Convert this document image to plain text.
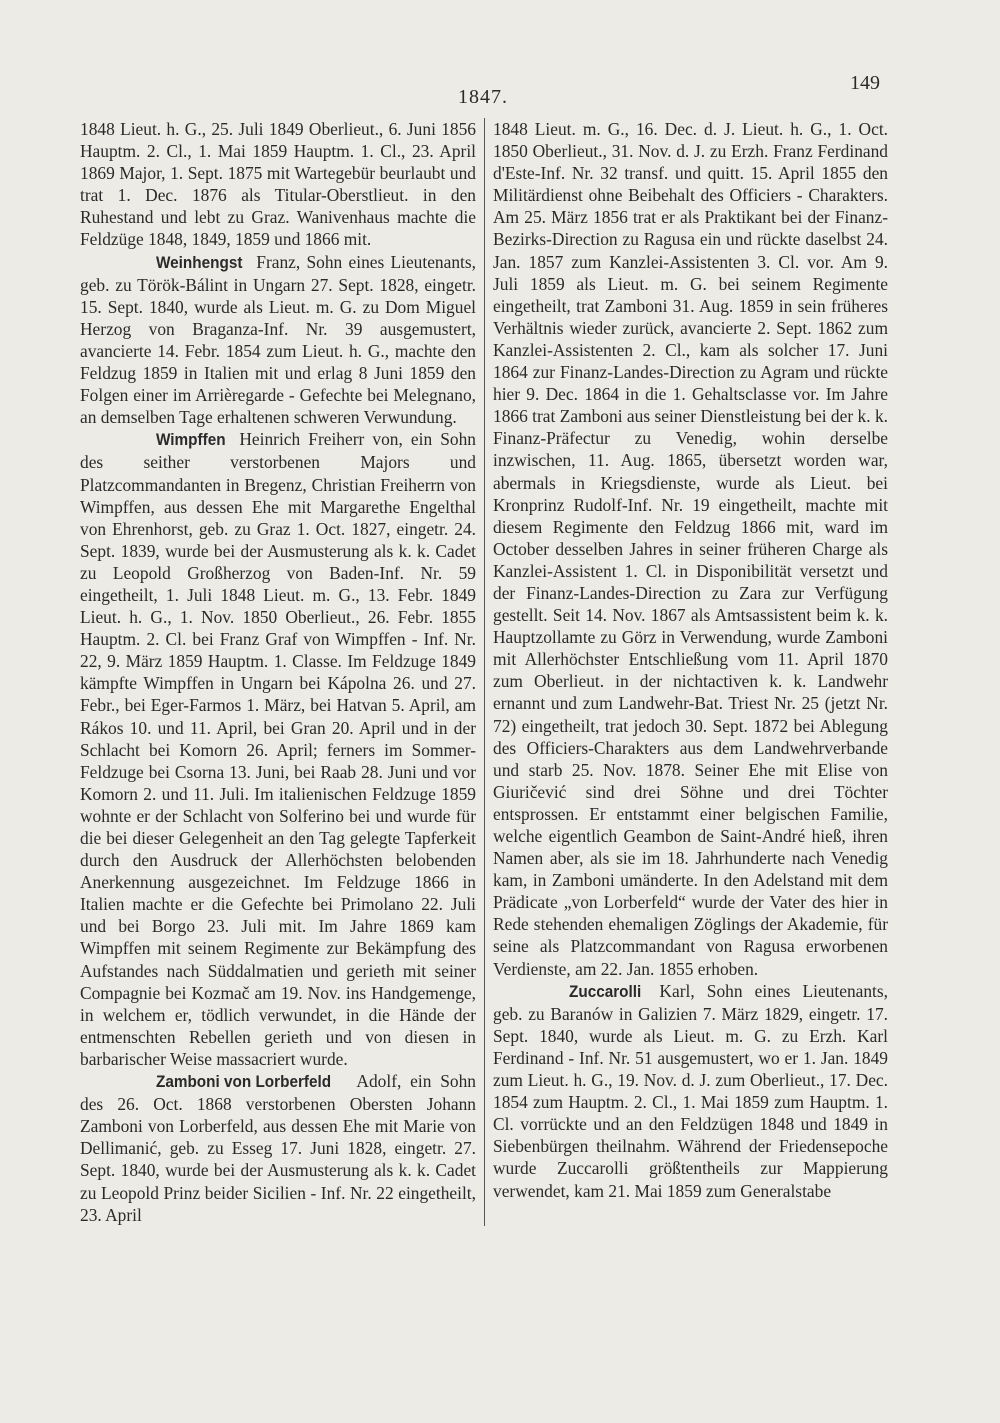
1847.
149

1848 Lieut. h. G., 25. Juli 1849 Oberlieut., 6. Juni 1856 Hauptm. 2. Cl., 1. Mai 1859 Hauptm. 1. Cl., 23. April 1869 Major, 1. Sept. 1875 mit Wartegebür beurlaubt und trat 1. Dec. 1876 als Titular-Oberstlieut. in den Ruhestand und lebt zu Graz. Wanivenhaus machte die Feldzüge 1848, 1849, 1859 und 1866 mit.

Weinhengst Franz, Sohn eines Lieutenants, geb. zu Török-Bálint in Ungarn 27. Sept. 1828, eingetr. 15. Sept. 1840, wurde als Lieut. m. G. zu Dom Miguel Herzog von Braganza-Inf. Nr. 39 ausgemustert, avancierte 14. Febr. 1854 zum Lieut. h. G., machte den Feldzug 1859 in Italien mit und erlag 8 Juni 1859 den Folgen einer im Arrièregarde - Gefechte bei Melegnano, an demselben Tage erhaltenen schweren Verwundung.

Wimpffen Heinrich Freiherr von, ein Sohn des seither verstorbenen Majors und Platzcommandanten in Bregenz, Christian Freiherrn von Wimpffen, aus dessen Ehe mit Margarethe Engelthal von Ehrenhorst, geb. zu Graz 1. Oct. 1827, eingetr. 24. Sept. 1839, wurde bei der Ausmusterung als k. k. Cadet zu Leopold Großherzog von Baden-Inf. Nr. 59 eingetheilt, 1. Juli 1848 Lieut. m. G., 13. Febr. 1849 Lieut. h. G., 1. Nov. 1850 Oberlieut., 26. Febr. 1855 Hauptm. 2. Cl. bei Franz Graf von Wimpffen - Inf. Nr. 22, 9. März 1859 Hauptm. 1. Classe. Im Feldzuge 1849 kämpfte Wimpffen in Ungarn bei Kápolna 26. und 27. Febr., bei Eger-Farmos 1. März, bei Hatvan 5. April, am Rákos 10. und 11. April, bei Gran 20. April und in der Schlacht bei Komorn 26. April; ferners im Sommer-Feldzuge bei Csorna 13. Juni, bei Raab 28. Juni und vor Komorn 2. und 11. Juli. Im italienischen Feldzuge 1859 wohnte er der Schlacht von Solferino bei und wurde für die bei dieser Gelegenheit an den Tag gelegte Tapferkeit durch den Ausdruck der Allerhöchsten belobenden Anerkennung ausgezeichnet. Im Feldzuge 1866 in Italien machte er die Gefechte bei Primolano 22. Juli und bei Borgo 23. Juli mit. Im Jahre 1869 kam Wimpffen mit seinem Regimente zur Bekämpfung des Aufstandes nach Süddalmatien und gerieth mit seiner Compagnie bei Kozmač am 19. Nov. ins Handgemenge, in welchem er, tödlich verwundet, in die Hände der entmenschten Rebellen gerieth und von diesen in barbarischer Weise massacriert wurde.

Zamboni von Lorberfeld Adolf, ein Sohn des 26. Oct. 1868 verstorbenen Obersten Johann Zamboni von Lorberfeld, aus dessen Ehe mit Marie von Dellimanić, geb. zu Esseg 17. Juni 1828, eingetr. 27. Sept. 1840, wurde bei der Ausmusterung als k. k. Cadet zu Leopold Prinz beider Sicilien - Inf. Nr. 22 eingetheilt, 23. April

1848 Lieut. m. G., 16. Dec. d. J. Lieut. h. G., 1. Oct. 1850 Oberlieut., 31. Nov. d. J. zu Erzh. Franz Ferdinand d'Este-Inf. Nr. 32 transf. und quitt. 15. April 1855 den Militärdienst ohne Beibehalt des Officiers - Charakters. Am 25. März 1856 trat er als Praktikant bei der Finanz-Bezirks-Direction zu Ragusa ein und rückte daselbst 24. Jan. 1857 zum Kanzlei-Assistenten 3. Cl. vor. Am 9. Juli 1859 als Lieut. m. G. bei seinem Regimente eingetheilt, trat Zamboni 31. Aug. 1859 in sein früheres Verhältnis wieder zurück, avancierte 2. Sept. 1862 zum Kanzlei-Assistenten 2. Cl., kam als solcher 17. Juni 1864 zur Finanz-Landes-Direction zu Agram und rückte hier 9. Dec. 1864 in die 1. Gehaltsclasse vor. Im Jahre 1866 trat Zamboni aus seiner Dienstleistung bei der k. k. Finanz-Präfectur zu Venedig, wohin derselbe inzwischen, 11. Aug. 1865, übersetzt worden war, abermals in Kriegsdienste, wurde als Lieut. bei Kronprinz Rudolf-Inf. Nr. 19 eingetheilt, machte mit diesem Regimente den Feldzug 1866 mit, ward im October desselben Jahres in seiner früheren Charge als Kanzlei-Assistent 1. Cl. in Disponibilität versetzt und der Finanz-Landes-Direction zu Zara zur Verfügung gestellt. Seit 14. Nov. 1867 als Amtsassistent beim k. k. Hauptzollamte zu Görz in Verwendung, wurde Zamboni mit Allerhöchster Entschließung vom 11. April 1870 zum Oberlieut. in der nichtactiven k. k. Landwehr ernannt und zum Landwehr-Bat. Triest Nr. 25 (jetzt Nr. 72) eingetheilt, trat jedoch 30. Sept. 1872 bei Ablegung des Officiers-Charakters aus dem Landwehrverbande und starb 25. Nov. 1878. Seiner Ehe mit Elise von Giuričević sind drei Söhne und drei Töchter entsprossen. Er entstammt einer belgischen Familie, welche eigentlich Geambon de Saint-André hieß, ihren Namen aber, als sie im 18. Jahrhunderte nach Venedig kam, in Zamboni umänderte. In den Adelstand mit dem Prädicate „von Lorberfeld“ wurde der Vater des hier in Rede stehenden ehemaligen Zöglings der Akademie, für seine als Platzcommandant von Ragusa erworbenen Verdienste, am 22. Jan. 1855 erhoben.

Zuccarolli Karl, Sohn eines Lieutenants, geb. zu Baranów in Galizien 7. März 1829, eingetr. 17. Sept. 1840, wurde als Lieut. m. G. zu Erzh. Karl Ferdinand - Inf. Nr. 51 ausgemustert, wo er 1. Jan. 1849 zum Lieut. h. G., 19. Nov. d. J. zum Oberlieut., 17. Dec. 1854 zum Hauptm. 2. Cl., 1. Mai 1859 zum Hauptm. 1. Cl. vorrückte und an den Feldzügen 1848 und 1849 in Siebenbürgen theilnahm. Während der Friedensepoche wurde Zuccarolli größtentheils zur Mappierung verwendet, kam 21. Mai 1859 zum Generalstabe
